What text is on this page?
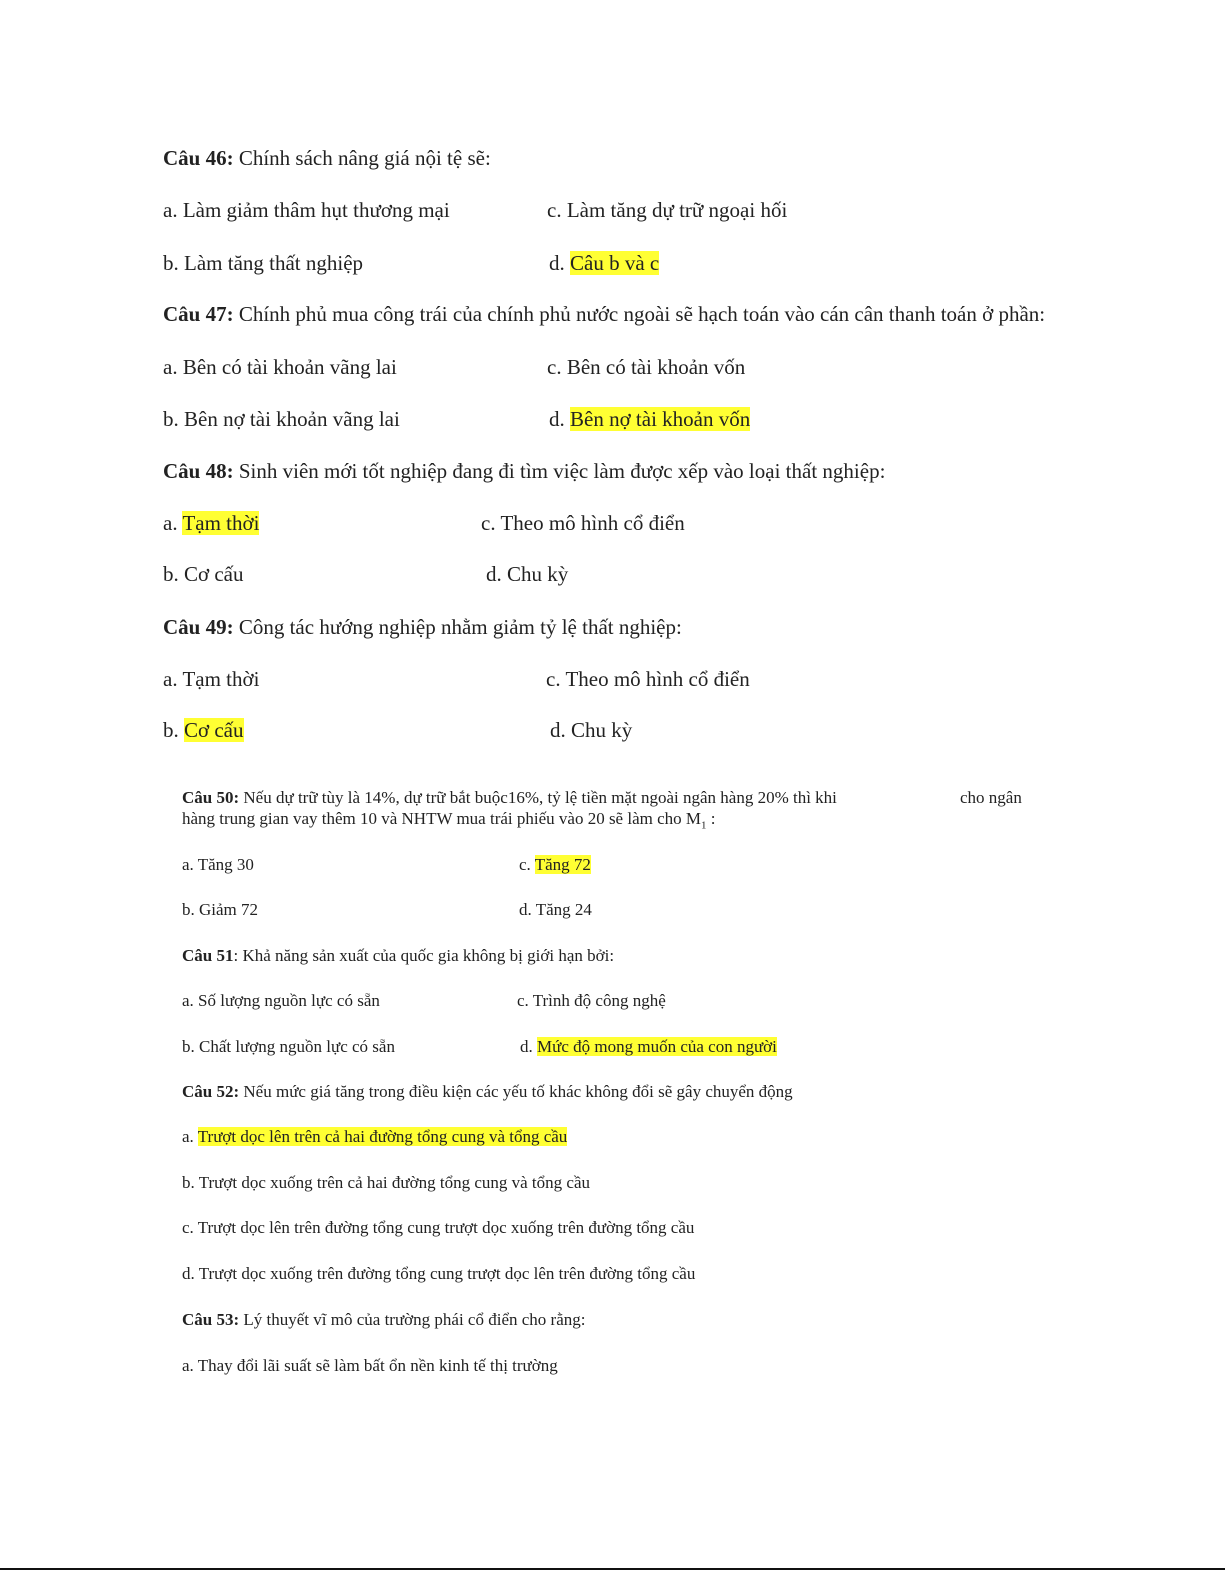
Câu 46: Chính sách nâng giá nội tệ sẽ:
a. Làm giảm thâm hụt thương mại	c. Làm tăng dự trữ ngoại hối
b. Làm tăng thất nghiệp	d. Câu b và c
Câu 47: Chính phủ mua công trái của chính phủ nước ngoài sẽ hạch toán vào cán cân thanh toán ở phần:
a. Bên có tài khoản vãng lai	c. Bên có tài khoản vốn
b. Bên nợ tài khoản vãng lai	d. Bên nợ tài khoản vốn
Câu 48: Sinh viên mới tốt nghiệp đang đi tìm việc làm được xếp vào loại thất nghiệp:
a. Tạm thời	c. Theo mô hình cổ điển
b. Cơ cấu	d. Chu kỳ
Câu 49: Công tác hướng nghiệp nhằm giảm tỷ lệ thất nghiệp:
a. Tạm thời	c. Theo mô hình cổ điển
b. Cơ cấu	d. Chu kỳ
Câu 50: Nếu dự trữ tùy là 14%, dự trữ bắt buộc16%, tỷ lệ tiền mặt ngoài ngân hàng 20% thì khi	cho ngân
hàng trung gian vay thêm 10 và NHTW mua trái phiếu vào 20 sẽ làm cho $M_1$ :
a. Tăng 30	c. Tăng 72
b. Giảm 72	d. Tăng 24
Câu 51: Khả năng sản xuất của quốc gia không bị giới hạn bởi:
a. Số lượng nguồn lực có sẵn	c. Trình độ công nghệ
b. Chất lượng nguồn lực có sẵn	d. Mức độ mong muốn của con người
Câu 52: Nếu mức giá tăng trong điều kiện các yếu tố khác không đổi sẽ gây chuyển động
a. Trượt dọc lên trên cả hai đường tổng cung và tổng cầu
b. Trượt dọc xuống trên cả hai đường tổng cung và tổng cầu
c. Trượt dọc lên trên đường tổng cung trượt dọc xuống trên đường tổng cầu
d. Trượt dọc xuống trên đường tổng cung trượt dọc lên trên đường tổng cầu
Câu 53: Lý thuyết vĩ mô của trường phái cổ điển cho rằng:
a. Thay đổi lãi suất sẽ làm bất ổn nền kinh tế thị trường
